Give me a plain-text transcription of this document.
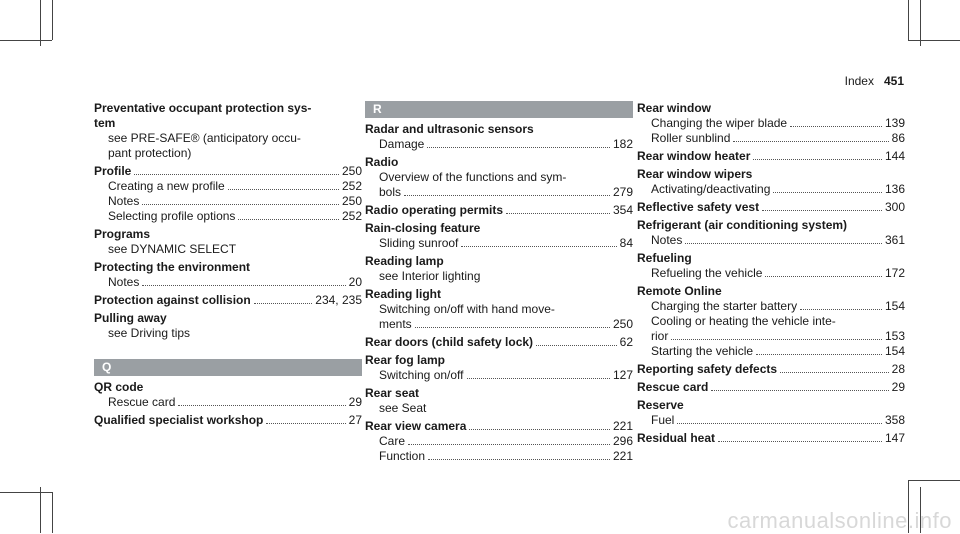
Index 451
Preventative occupant protection sys-
tem
see PRE-SAFE® (anticipatory occu-
pant protection)
Profile	250
Creating a new profile	252
Notes	250
Selecting profile options	252
Programs
see DYNAMIC SELECT
Protecting the environment
Notes	20
Protection against collision	234, 235
Pulling away
see Driving tips
Q
QR code
Rescue card	29
Qualified specialist workshop	27
R
Radar and ultrasonic sensors
Damage	182
Radio
Overview of the functions and sym-
bols	279
Radio operating permits	354
Rain-closing feature
Sliding sunroof	84
Reading lamp
see Interior lighting
Reading light
Switching on/off with hand move-
ments	250
Rear doors (child safety lock)	62
Rear fog lamp
Switching on/off	127
Rear seat
see Seat
Rear view camera	221
Care	296
Function	221
Rear window
Changing the wiper blade	139
Roller sunblind	86
Rear window heater	144
Rear window wipers
Activating/deactivating	136
Reflective safety vest	300
Refrigerant (air conditioning system)
Notes	361
Refueling
Refueling the vehicle	172
Remote Online
Charging the starter battery	154
Cooling or heating the vehicle inte-
rior	153
Starting the vehicle	154
Reporting safety defects	28
Rescue card	29
Reserve
Fuel	358
Residual heat	147
carmanualsonline.info
